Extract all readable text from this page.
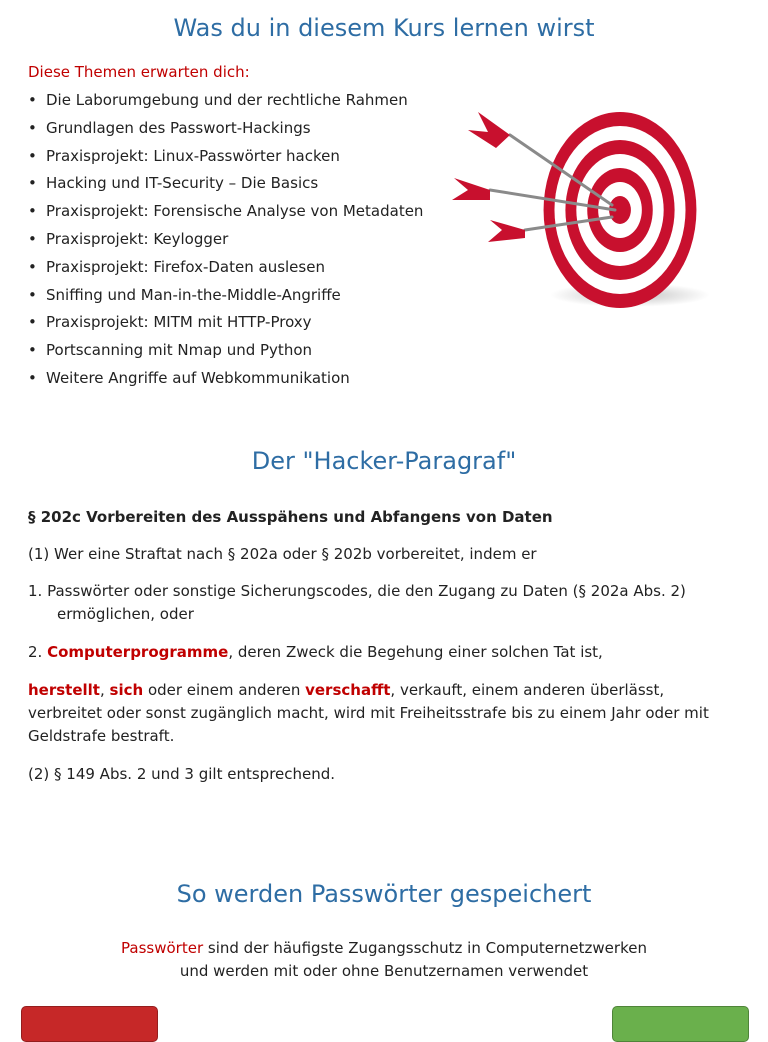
Was du in diesem Kurs lernen wirst
Diese Themen erwarten dich:
• Die Laborumgebung und der rechtliche Rahmen
• Grundlagen des Passwort-Hackings
• Praxisprojekt: Linux-Passwörter hacken
• Hacking und IT-Security – Die Basics
• Praxisprojekt: Forensische Analyse von Metadaten
• Praxisprojekt: Keylogger
• Praxisprojekt: Firefox-Daten auslesen
• Sniffing und Man-in-the-Middle-Angriffe
• Praxisprojekt: MITM mit HTTP-Proxy
• Portscanning mit Nmap und Python
• Weitere Angriffe auf Webkommunikation
Der "Hacker-Paragraf"

§ 202c Vorbereiten des Ausspähens und Abfangens von Daten

(1) Wer eine Straftat nach § 202a oder § 202b vorbereitet, indem er

1. Passwörter oder sonstige Sicherungscodes, die den Zugang zu Daten (§ 202a Abs. 2)
ermöglichen, oder

2. Computerprogramme, deren Zweck die Begehung einer solchen Tat ist,

herstellt, sich oder einem anderen verschafft, verkauft, einem anderen überlässt, verbreitet oder sonst zugänglich macht, wird mit Freiheitsstrafe bis zu einem Jahr oder mit Geldstrafe bestraft.

(2) § 149 Abs. 2 und 3 gilt entsprechend.

So werden Passwörter gespeichert
Passwörter sind der häufigste Zugangsschutz in Computernetzwerken
und werden mit oder ohne Benutzernamen verwendet
